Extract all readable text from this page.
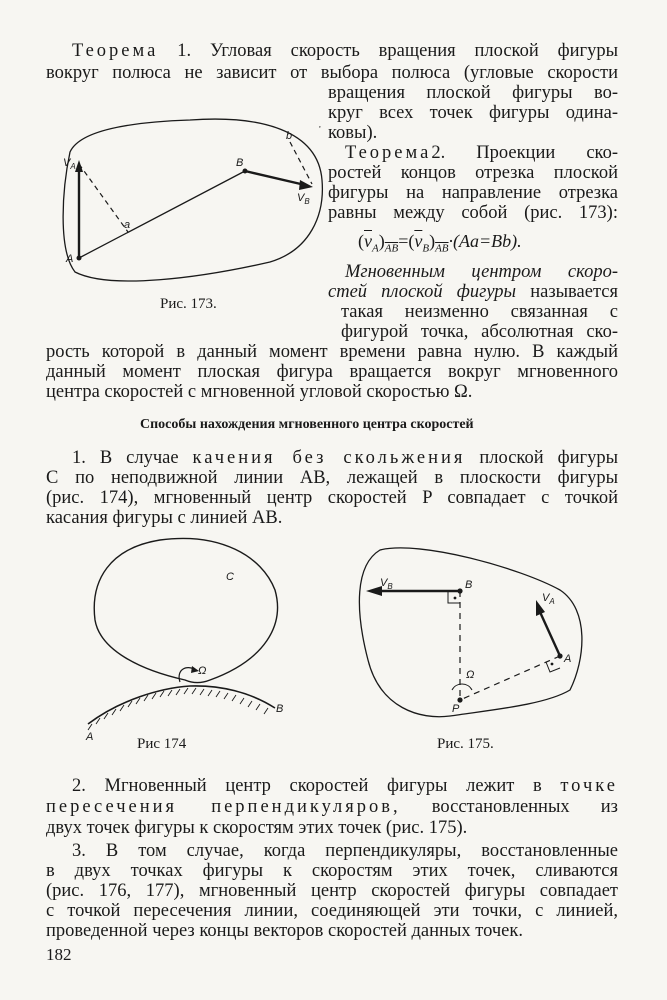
Теорема 1. Угловая скорость вращения плоской фигуры
вокруг полюса не зависит от выбора полюса (угловые скорости
вращения плоской фигуры во-
круг всех точек фигуры одина-
ковы).
Теорема2. Проекции ско-
ростей концов отрезка плоской
фигуры на направление отрезка
равны между собой (рис. 173):
$(\overline{v}_A)_{\overline{AB}}=(\overline{v}_B)_{\overline{AB}}\cdot(Aa=Bb)$.
Мгновенным центром скоро-
стей плоской фигуры называется
такая неизменно связанная с
фигурой точка, абсолютная ско-
рость которой в данный момент времени равна нулю. В каждый
данный момент плоская фигура вращается вокруг мгновенного
центра скоростей с мгновенной угловой скоростью Ω.
$V_A$
A
a
B
b
$V_B$
·
Рис. 173.
Способы нахождения мгновенного центра скоростей
1. В случае качения без скольжения плоской фигуры
C по неподвижной линии AB, лежащей в плоскости фигуры
(рис. 174), мгновенный центр скоростей P совпадает с точкой
касания фигуры с линией AB.
C
Ω
A
B
Рис 174
$V_B$	B
$V_A$
A
Ω
P
Рис. 175.
2. Мгновенный центр скоростей фигуры лежит в точке
пересечения перпендикуляров, восстановленных из
двух точек фигуры к скоростям этих точек (рис. 175).
3. В том случае, когда перпендикуляры, восстановленные
в двух точках фигуры к скоростям этих точек, сливаются
(рис. 176, 177), мгновенный центр скоростей фигуры совпадает
с точкой пересечения линии, соединяющей эти точки, с линией,
проведенной через концы векторов скоростей данных точек.
182
